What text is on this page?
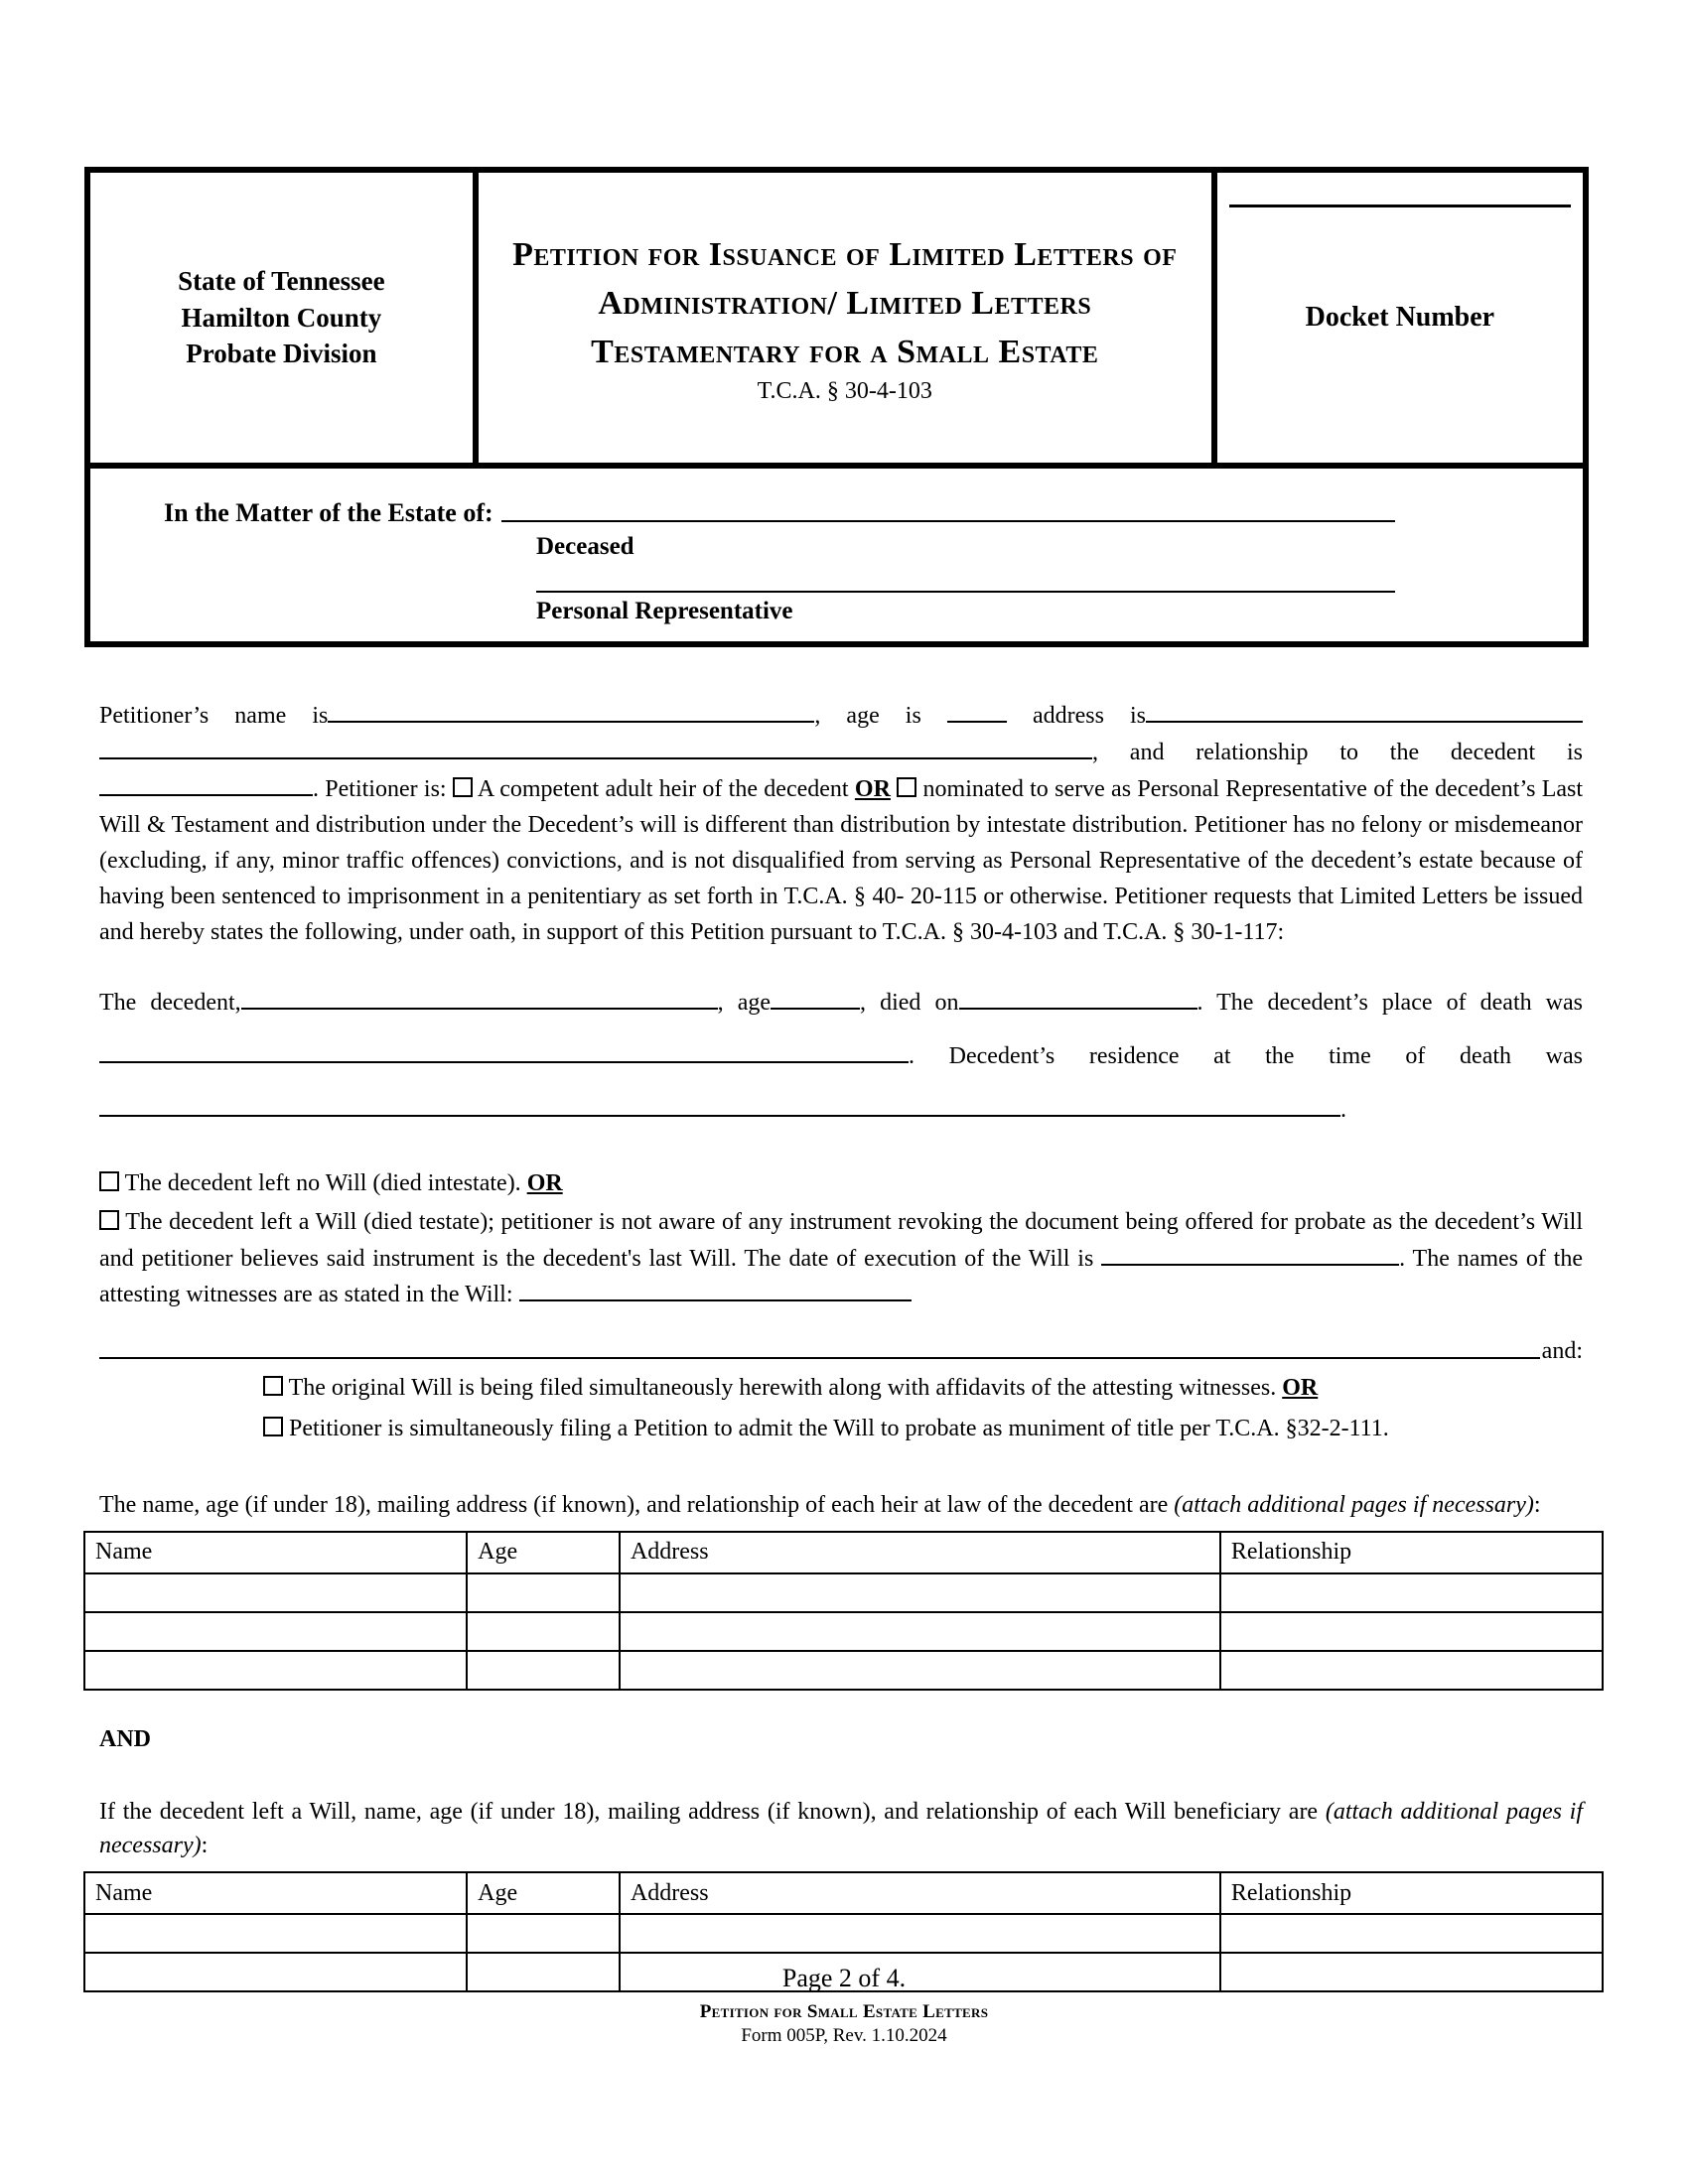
State of Tennessee
Hamilton County
Probate Division
Petition for Issuance of Limited Letters of Administration/ Limited Letters Testamentary for a Small Estate
T.C.A. § 30-4-103
Docket Number
In the Matter of the Estate of:
Deceased
Personal Representative

Petitioner’s name is	, age is	address is , and relationship to the decedent is . Petitioner is: A competent adult heir of the decedent OR nominated to serve as Personal Representative of the decedent’s Last Will & Testament and distribution under the Decedent’s will is different than distribution by intestate distribution. Petitioner has no felony or misdemeanor (excluding, if any, minor traffic offences) convictions, and is not disqualified from serving as Personal Representative of the decedent’s estate because of having been sentenced to imprisonment in a penitentiary as set forth in T.C.A. § 40- 20-115 or otherwise. Petitioner requests that Limited Letters be issued and hereby states the following, under oath, in support of this Petition pursuant to T.C.A. § 30-4-103 and T.C.A. § 30-1-117:

The decedent,	, age	, died on	. The decedent’s place of death was . Decedent’s residence at the time of death was .

The decedent left no Will (died intestate). OR
The decedent left a Will (died testate); petitioner is not aware of any instrument revoking the document being offered for probate as the decedent’s Will and petitioner believes said instrument is the decedent's last Will. The date of execution of the Will is	. The names of the attesting witnesses are as stated in the Will:
and:
The original Will is being filed simultaneously herewith along with affidavits of the attesting witnesses. OR
Petitioner is simultaneously filing a Petition to admit the Will to probate as muniment of title per T.C.A. §32-2-111.
The name, age (if under 18), mailing address (if known), and relationship of each heir at law of the decedent are (attach additional pages if necessary):
Name	Age	Address	Relationship

AND
If the decedent left a Will, name, age (if under 18), mailing address (if known), and relationship of each Will beneficiary are (attach additional pages if necessary):
Name	Age	Address	Relationship

Page 2 of 4.
Petition for Small Estate Letters
Form 005P, Rev. 1.10.2024
